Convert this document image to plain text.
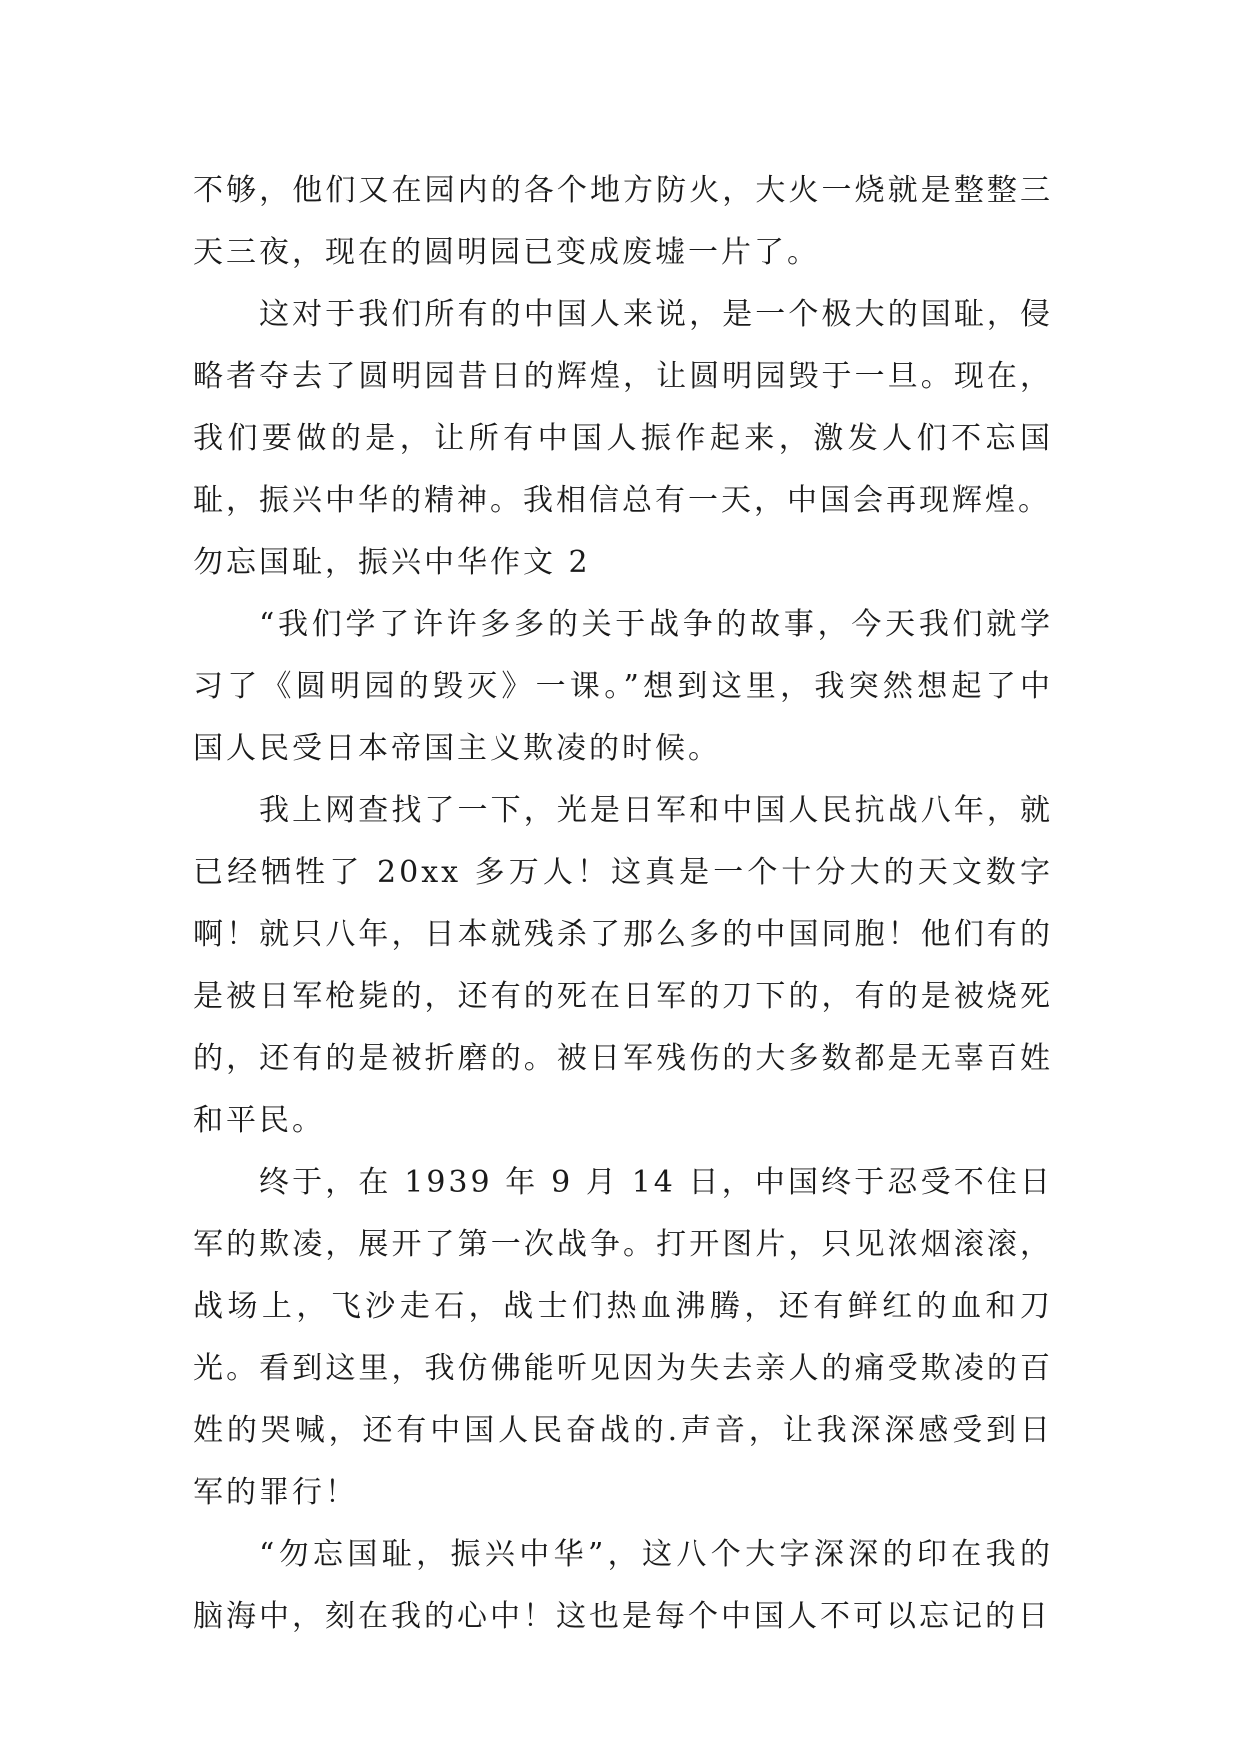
不够，他们又在园内的各个地方防火，大火一烧就是整整三天三夜，现在的圆明园已变成废墟一片了。

这对于我们所有的中国人来说，是一个极大的国耻，侵略者夺去了圆明园昔日的辉煌，让圆明园毁于一旦。现在，我们要做的是，让所有中国人振作起来，激发人们不忘国耻，振兴中华的精神。我相信总有一天，中国会再现辉煌。

勿忘国耻，振兴中华作文 2

“我们学了许许多多的关于战争的故事，今天我们就学习了《圆明园的毁灭》一课。”想到这里，我突然想起了中国人民受日本帝国主义欺凌的时候。

我上网查找了一下，光是日军和中国人民抗战八年，就已经牺牲了 20xx 多万人！这真是一个十分大的天文数字啊！就只八年，日本就残杀了那么多的中国同胞！他们有的是被日军枪毙的，还有的死在日军的刀下的，有的是被烧死的，还有的是被折磨的。被日军残伤的大多数都是无辜百姓和平民。

终于，在 1939 年 9 月 14 日，中国终于忍受不住日军的欺凌，展开了第一次战争。打开图片，只见浓烟滚滚，战场上，飞沙走石，战士们热血沸腾，还有鲜红的血和刀光。看到这里，我仿佛能听见因为失去亲人的痛受欺凌的百姓的哭喊，还有中国人民奋战的.声音，让我深深感受到日军的罪行！

“勿忘国耻，振兴中华”，这八个大字深深的印在我的脑海中，刻在我的心中！这也是每个中国人不可以忘记的日
